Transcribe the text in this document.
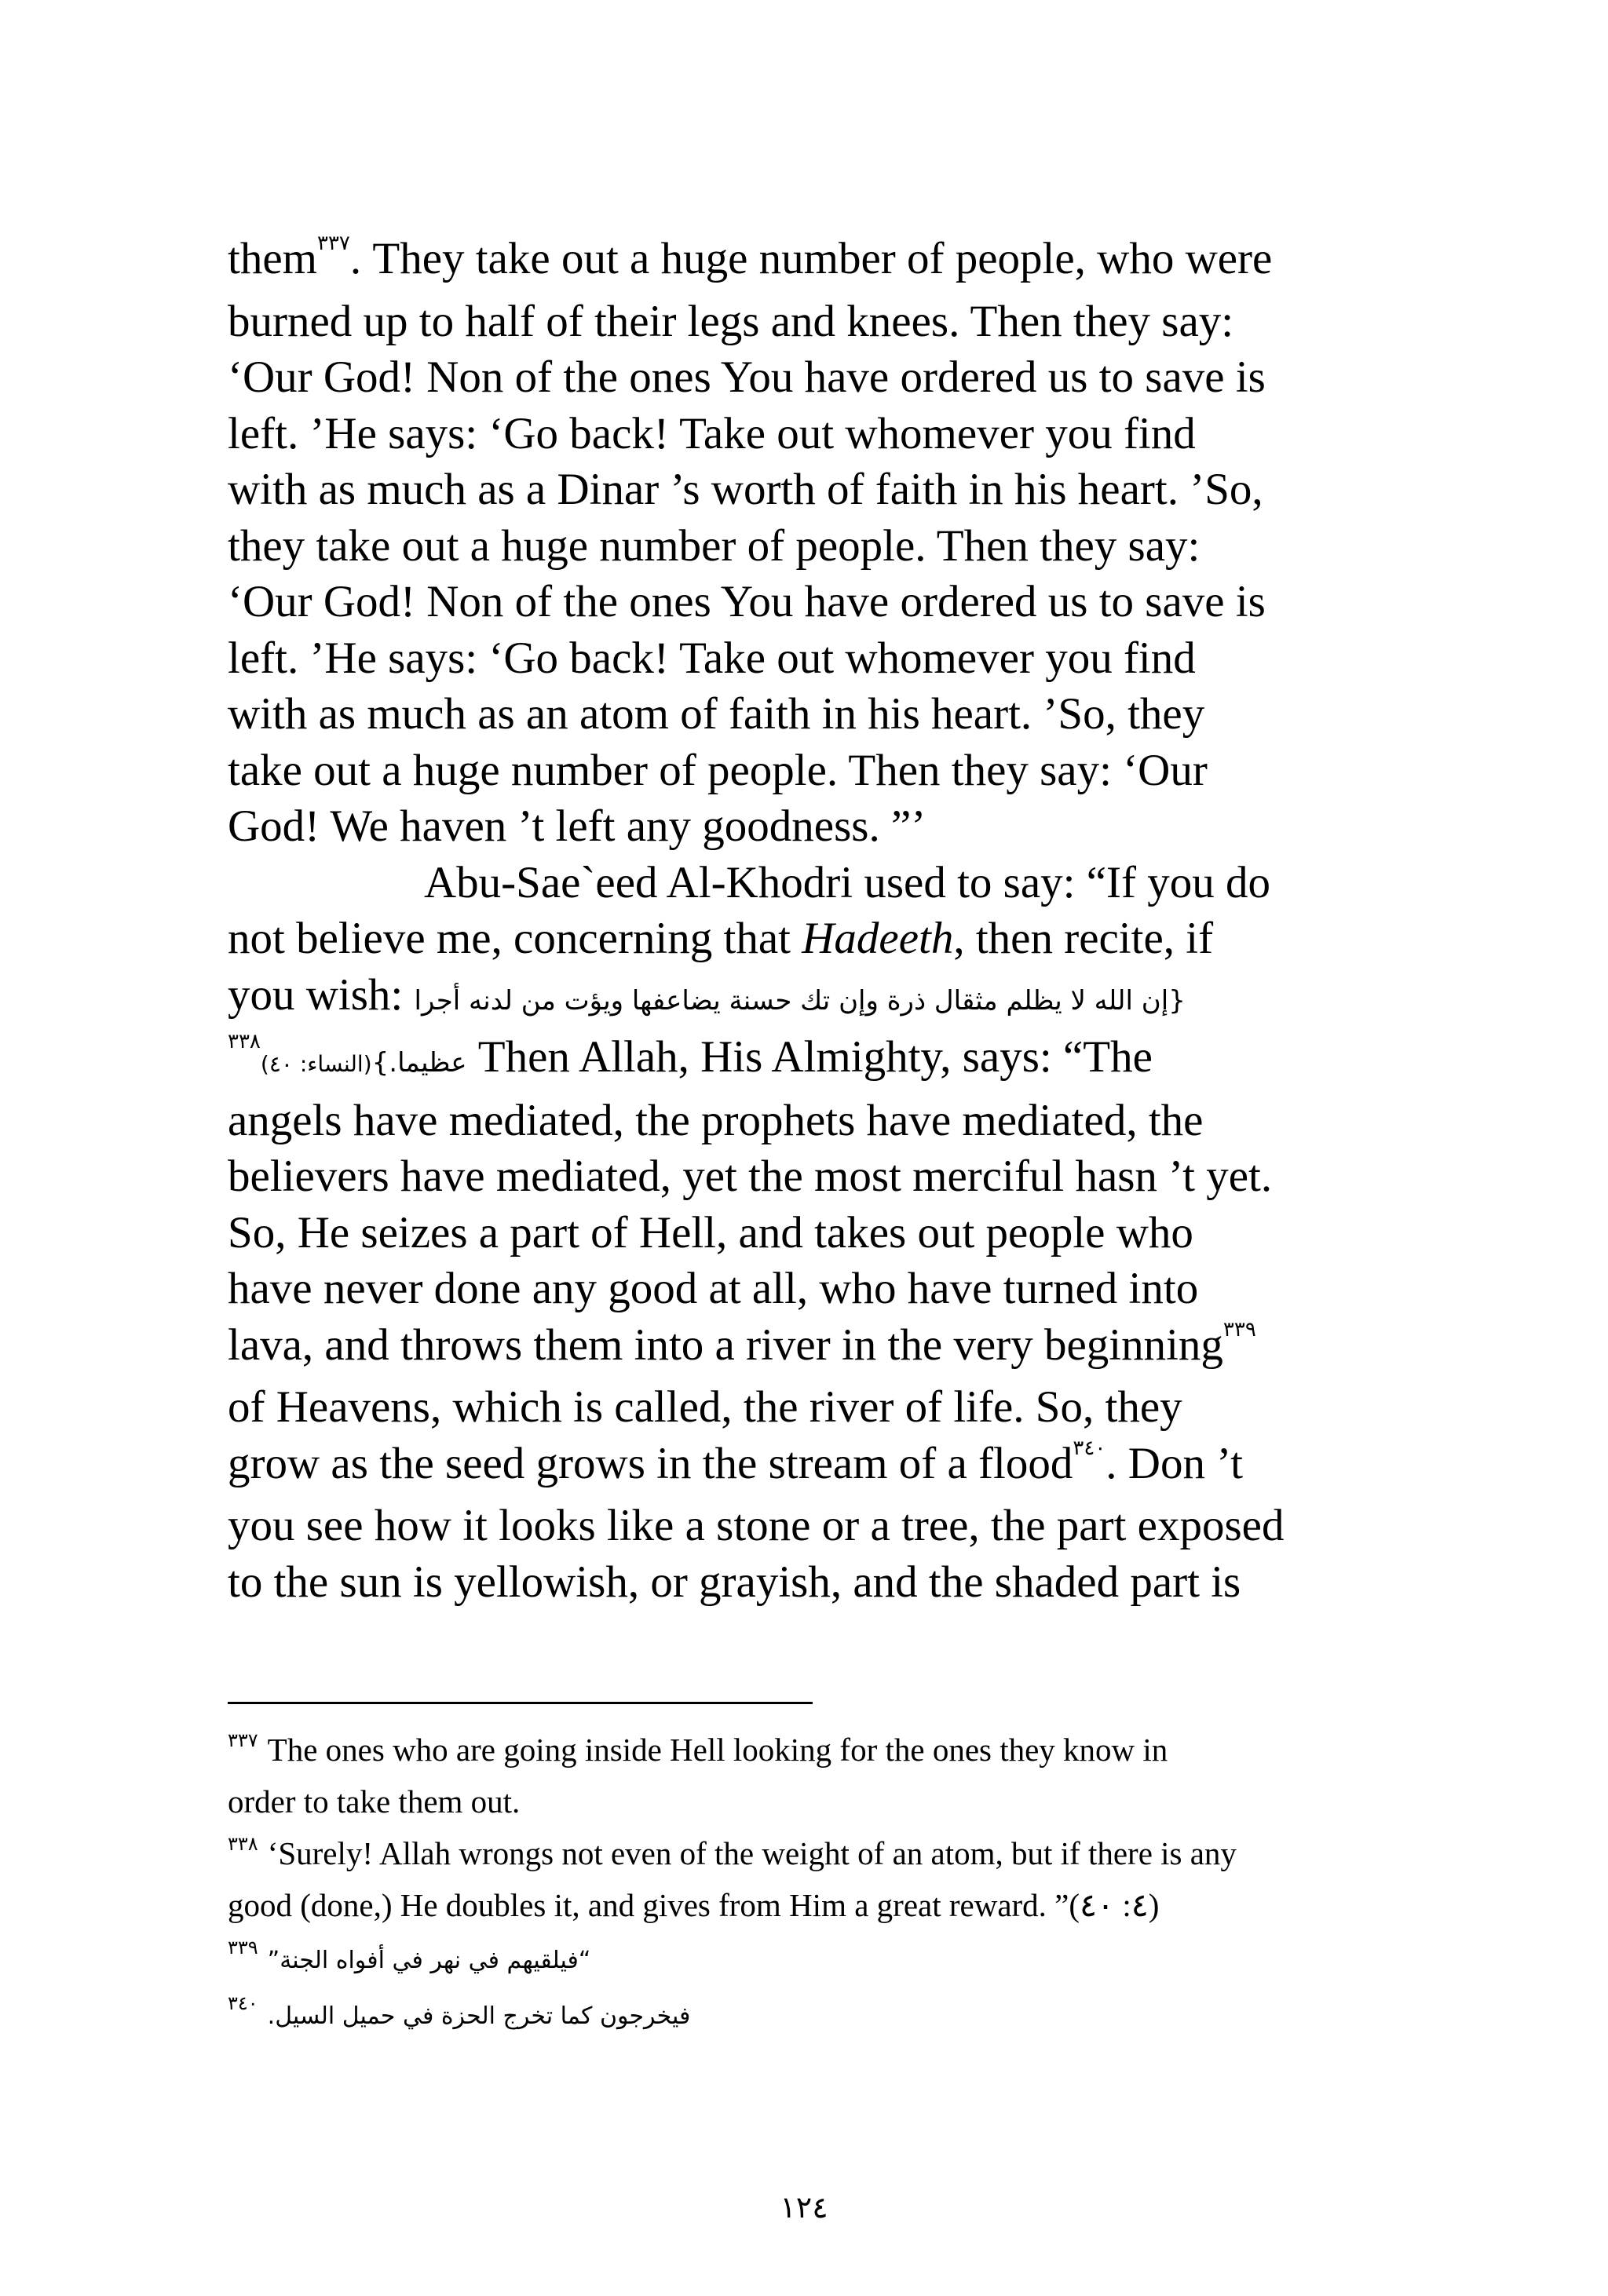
them$^{٣٣٧}$. They take out a huge number of people, who were
burned up to half of their legs and knees. Then they say:
‘Our God! Non of the ones You have ordered us to save is
left. ’He says: ‘Go back! Take out whomever you find
with as much as a Dinar ’s worth of faith in his heart. ’So,
they take out a huge number of people. Then they say:
‘Our God! Non of the ones You have ordered us to save is
left. ’He says: ‘Go back! Take out whomever you find
with as much as an atom of faith in his heart. ’So, they
take out a huge number of people. Then they say: ‘Our
God! We haven ’t left any goodness. ”’
Abu-Sae`eed Al-Khodri used to say: “If you do
not believe me, concerning that Hadeeth, then recite, if
you wish: {إن الله لا يظلم مثقال ذرة وإن تك حسنة يضاعفها ويؤت من لدنه أجرا
$^{٣٣٨}$(النساء: ٤٠)عظيما.} Then Allah, His Almighty, says: “The
angels have mediated, the prophets have mediated, the
believers have mediated, yet the most merciful hasn ’t yet.
So, He seizes a part of Hell, and takes out people who
have never done any good at all, who have turned into
lava, and throws them into a river in the very beginning$^{٣٣٩}$
of Heavens, which is called, the river of life. So, they
grow as the seed grows in the stream of a flood$^{٣٤٠}$. Don ’t
you see how it looks like a stone or a tree, the part exposed
to the sun is yellowish, or grayish, and the shaded part is
$^{٣٣٧}$ The ones who are going inside Hell looking for the ones they know in
order to take them out.
$^{٣٣٨}$ ‘Surely! Allah wrongs not even of the weight of an atom, but if there is any
good (done,) He doubles it, and gives from Him a great reward. ”(٤: ٤٠)
$^{٣٣٩}$ “فيلقيهم في نهر في أفواه الجنة”
$^{٣٤٠}$ فيخرجون كما تخرج الحزة في حميل السيل.
١٢٤
